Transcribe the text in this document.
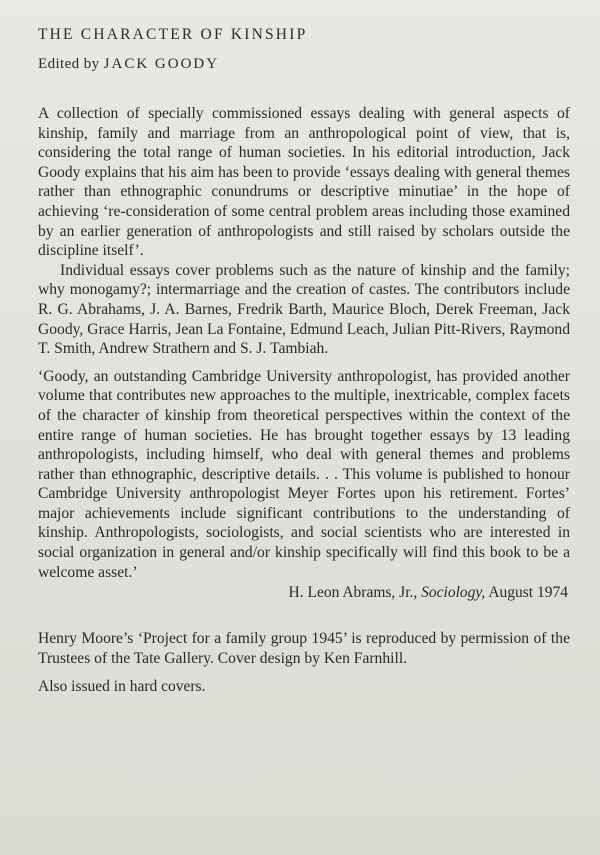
THE CHARACTER OF KINSHIP

Edited by JACK GOODY

A collection of specially commissioned essays dealing with general aspects of kinship, family and marriage from an anthropological point of view, that is, considering the total range of human societies. In his editorial introduction, Jack Goody explains that his aim has been to provide ‘essays dealing with general themes rather than ethnographic conundrums or descriptive minutiae’ in the hope of achieving ‘re-consideration of some central problem areas including those examined by an earlier generation of anthropologists and still raised by scholars outside the discipline itself’.

Individual essays cover problems such as the nature of kinship and the family; why monogamy?; intermarriage and the creation of castes. The contributors include R. G. Abrahams, J. A. Barnes, Fredrik Barth, Maurice Bloch, Derek Freeman, Jack Goody, Grace Harris, Jean La Fontaine, Edmund Leach, Julian Pitt-Rivers, Raymond T. Smith, Andrew Strathern and S. J. Tambiah.

‘Goody, an outstanding Cambridge University anthropologist, has provided another volume that contributes new approaches to the multiple, inextricable, complex facets of the character of kinship from theoretical perspectives within the context of the entire range of human societies. He has brought together essays by 13 leading anthropologists, including himself, who deal with general themes and problems rather than ethnographic, descriptive details. . . This volume is published to honour Cambridge University anthropologist Meyer Fortes upon his retirement. Fortes’ major achievements include significant contributions to the understanding of kinship. Anthropologists, sociologists, and social scientists who are interested in social organization in general and/or kinship specifically will find this book to be a welcome asset.’

H. Leon Abrams, Jr., Sociology, August 1974

Henry Moore’s ‘Project for a family group 1945’ is reproduced by permission of the Trustees of the Tate Gallery. Cover design by Ken Farnhill.

Also issued in hard covers.
